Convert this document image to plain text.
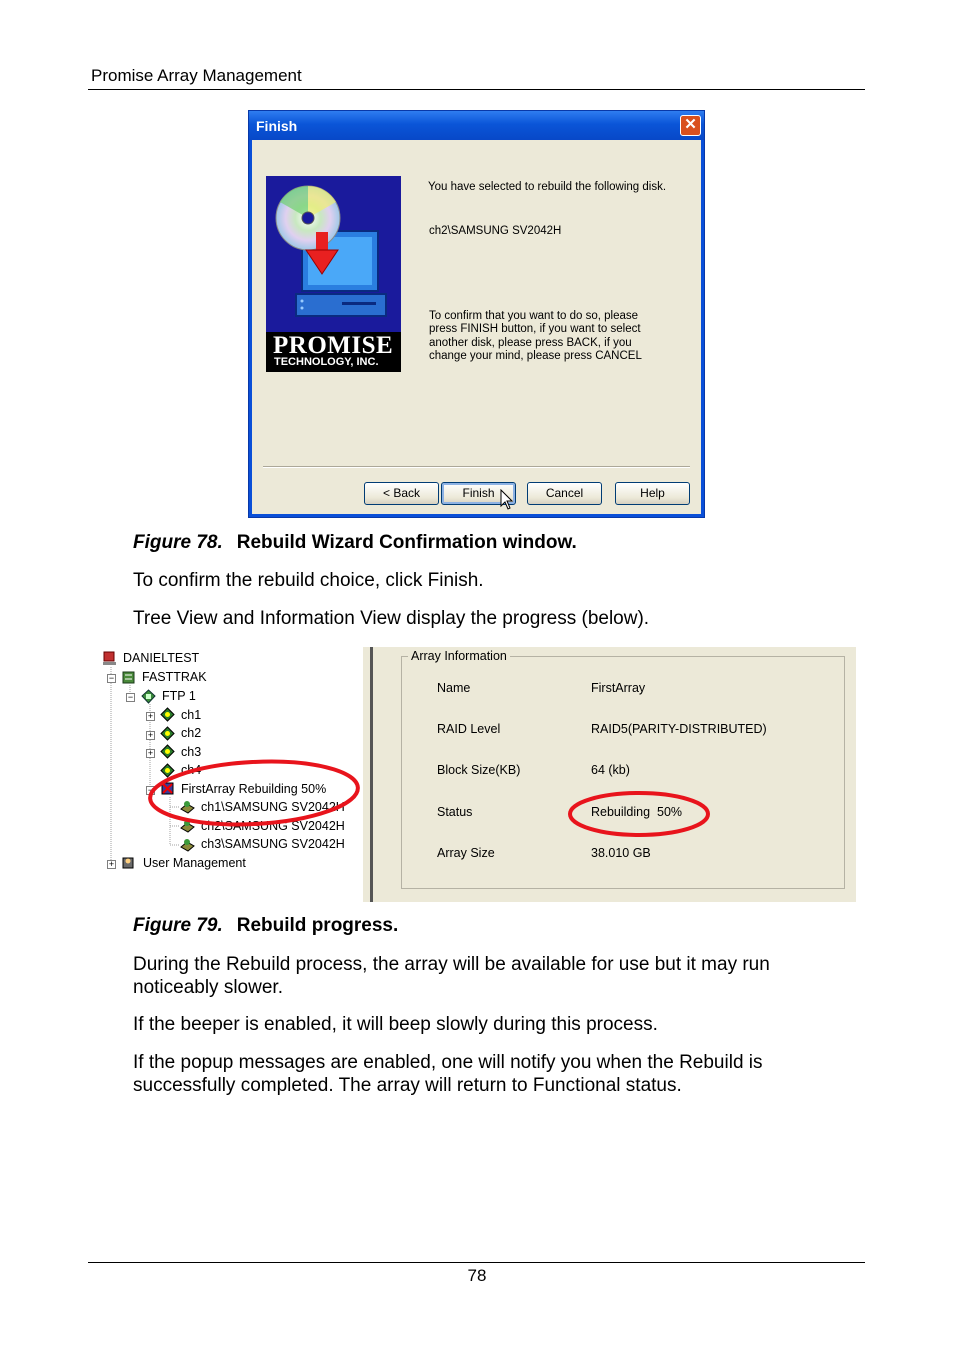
Promise Array Management
Finish	✕
PROMISE
TECHNOLOGY, INC.
You have selected to rebuild the following disk.
ch2\SAMSUNG SV2042H
To confirm that you want to do so, please
press FINISH button, if you want to select
another disk, please press BACK, if you
change your mind, please press CANCEL
< Back	Finish	Cancel	Help
Figure 78. Rebuild Wizard Confirmation window.
To confirm the rebuild choice, click Finish.
Tree View and Information View display the progress (below).
DANIELTEST
− FASTTRAK
− FTP 1
+ ch1
+ ch2
+ ch3
ch4
− FirstArray Rebuilding 50%
ch1\SAMSUNG SV2042H
ch2\SAMSUNG SV2042H
ch3\SAMSUNG SV2042H
+ User Management
Array Information
Name	FirstArray
RAID Level	RAID5(PARITY-DISTRIBUTED)
Block Size(KB)	64 (kb)
Status	Rebuilding  50%
Array Size	38.010 GB
Figure 79. Rebuild progress.
During the Rebuild process, the array will be available for use but it may run noticeably slower.
If the beeper is enabled, it will beep slowly during this process.
If the popup messages are enabled, one will notify you when the Rebuild is successfully completed. The array will return to Functional status.
78
